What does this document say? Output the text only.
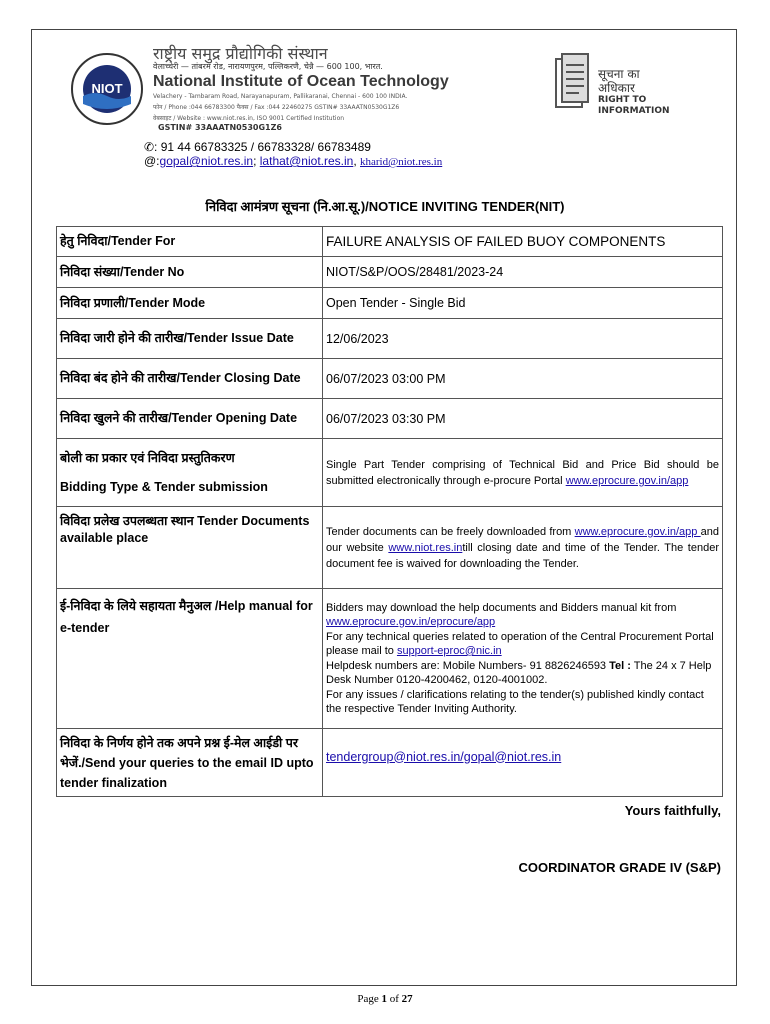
NIOT
राष्ट्रीय समुद्र प्रौद्योगिकी संस्थान
वेलाच्चेरी — तांबरम रोड, नारायणपुरम, पल्लिकरणै, चेन्नै — 600 100, भारत.
National Institute of Ocean Technology
Velachery - Tambaram Road, Narayanapuram, Pallikaranai, Chennai - 600 100 INDIA.
फोन / Phone :044 66783300 फैक्स / Fax :044 22460275 GSTIN# 33AAATN0530G1Z6
वेबसाइट / Website : www.niot.res.in, ISO 9001 Certified Institution
GSTIN# 33AAATN0530G1Z6
सूचना का
अधिकार
RIGHT TO
INFORMATION
✆: 91 44 66783325 / 66783328/ 66783489
@:gopal@niot.res.in; lathat@niot.res.in, kharid@niot.res.in
निविदा आमंत्रण सूचना (नि.आ.सू.)/NOTICE INVITING TENDER(NIT)
हेतु निविदा/Tender For	FAILURE ANALYSIS OF FAILED BUOY COMPONENTS
निविदा संख्या/Tender No	NIOT/S&P/OOS/28481/2023-24
निविदा प्रणाली/Tender Mode	Open Tender - Single Bid
निविदा जारी होने की तारीख/Tender Issue Date	12/06/2023
निविदा बंद होने की तारीख/Tender Closing Date	06/07/2023 03:00 PM
निविदा खुलने की तारीख/Tender Opening Date	06/07/2023 03:30 PM

बोली का प्रकार एवं निविदा प्रस्तुतिकरण
Bidding Type & Tender submission	Single Part Tender comprising of Technical Bid and Price Bid should be submitted electronically through e-procure Portal www.eprocure.gov.in/app
विविदा प्रलेख उपलब्धता स्थान Tender Documents available place	Tender documents can be freely downloaded from www.eprocure.gov.in/app and our website www.niot.res.intill closing date and time of the Tender. The tender document fee is waived for downloading the Tender.
ई-निविदा के लिये सहायता मैनुअल /Help manual for e-tender	Bidders may download the help documents and Bidders manual kit from www.eprocure.gov.in/eprocure/app
For any technical queries related to operation of the Central Procurement Portal please mail to support-eproc@nic.in
Helpdesk numbers are: Mobile Numbers- 91 8826246593 Tel : The 24 x 7 Help Desk Number 0120-4200462, 0120-4001002.
For any issues / clarifications relating to the tender(s) published kindly contact the respective Tender Inviting Authority.
निविदा के निर्णय होने तक अपने प्रश्न ई-मेल आईडी पर भेजें./Send your queries to the email ID upto tender finalization	tendergroup@niot.res.in/gopal@niot.res.in
Yours faithfully,
COORDINATOR GRADE IV (S&P)
Page 1 of 27
